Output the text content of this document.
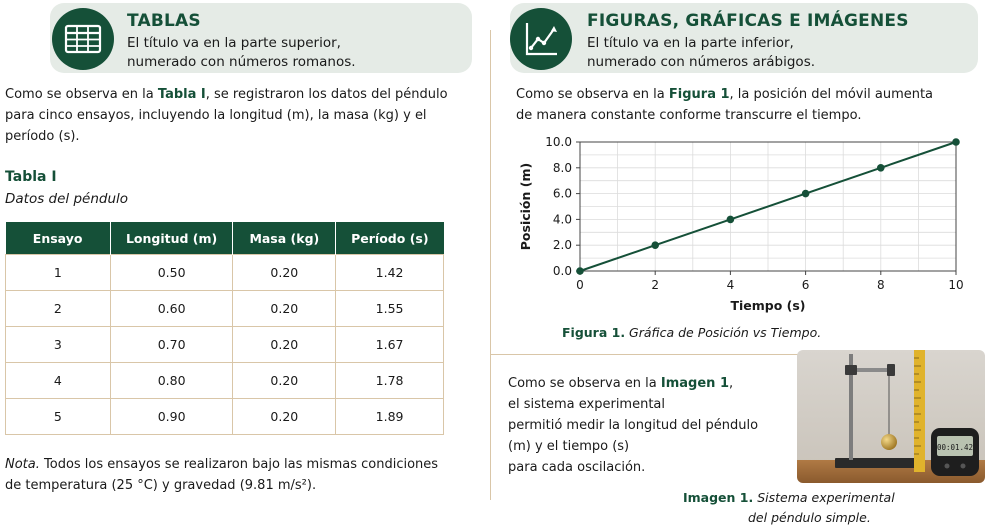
TABLAS
El título va en la parte superior,
numerado con números romanos.
FIGURAS, GRÁFICAS E IMÁGENES
El título va en la parte inferior,
numerado con números arábigos.
Como se observa en la Tabla I, se registraron los datos del péndulo
para cinco ensayos, incluyendo la longitud (m), la masa (kg) y el
período (s).
Tabla I
Datos del péndulo
Ensayo	Longitud (m)	Masa (kg)	Período (s)
1	0.50	0.20	1.42
2	0.60	0.20	1.55
3	0.70	0.20	1.67
4	0.80	0.20	1.78
5	0.90	0.20	1.89
Nota. Todos los ensayos se realizaron bajo las mismas condiciones
de temperatura (25 °C) y gravedad (9.81 m/s²).
Como se observa en la Figura 1, la posición del móvil aumenta
de manera constante conforme transcurre el tiempo.
0	2	4	6	8	10
0.0
2.0
4.0
6.0
8.0
10.0
Tiempo (s)
Posición (m)
Figura 1. Gráfica de Posición vs Tiempo.
Como se observa en la Imagen 1,
el sistema experimental
permitió medir la longitud del péndulo
(m) y el tiempo (s)
para cada oscilación.
00:01.42
Imagen 1. Sistema experimental
del péndulo simple.
